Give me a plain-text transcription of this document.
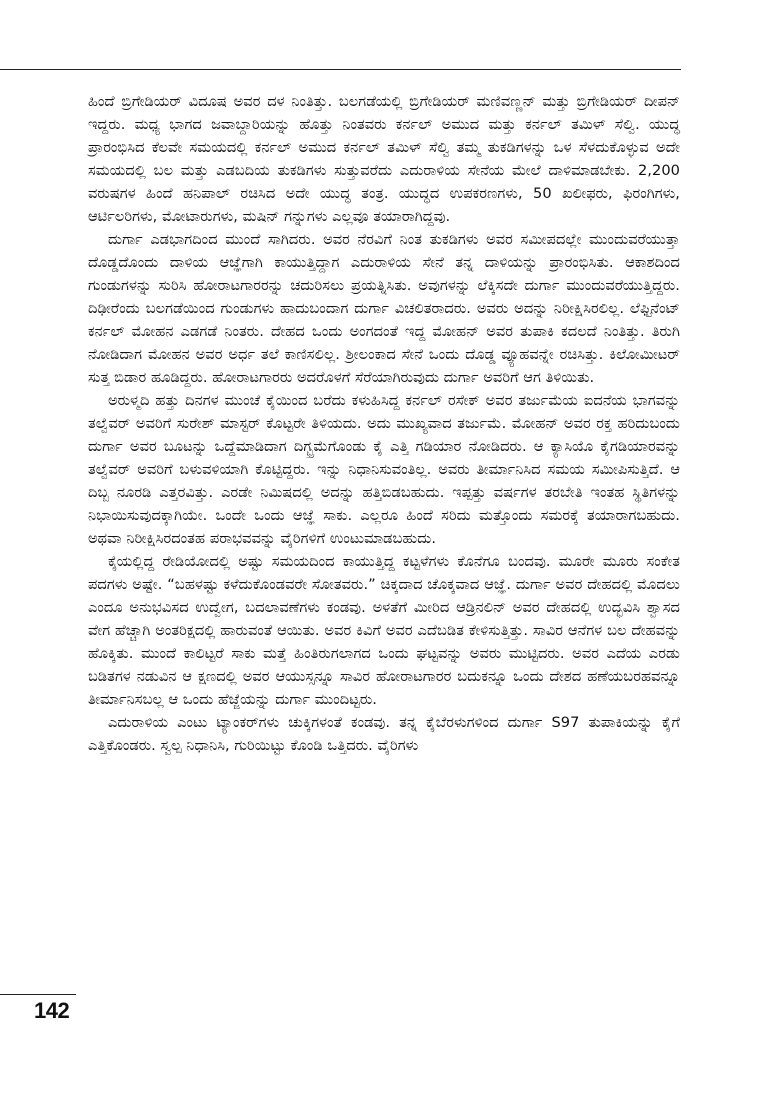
ಹಿಂದೆ ಬ್ರಿಗೇಡಿಯರ್ ವಿದೂಷ ಅವರ ದಳ ನಿಂತಿತ್ತು. ಬಲಗಡೆಯಲ್ಲಿ ಬ್ರಿಗೇಡಿಯರ್ ಮಣಿವಣ್ಣನ್ ಮತ್ತು ಬ್ರಿಗೇಡಿಯರ್ ದೀಪನ್ ಇದ್ದರು. ಮಧ್ಯ ಭಾಗದ ಜವಾಬ್ದಾರಿಯನ್ನು ಹೊತ್ತು ನಿಂತವರು ಕರ್ನಲ್ ಅಮುದ ಮತ್ತು ಕರ್ನಲ್ ತಮಿಳ್ ಸೆಲ್ವಿ. ಯುದ್ಧ ಪ್ರಾರಂಭಿಸಿದ ಕೆಲವೇ ಸಮಯದಲ್ಲಿ ಕರ್ನಲ್ ಅಮುದ ಕರ್ನಲ್ ತಮಿಳ್ ಸೆಲ್ವಿ ತಮ್ಮ ತುಕಡಿಗಳನ್ನು ಒಳ ಸೆಳದುಕೊಳ್ಳುವ ಅದೇ ಸಮಯದಲ್ಲಿ ಬಲ ಮತ್ತು ಎಡಬದಿಯ ತುಕಡಿಗಳು ಸುತ್ತುವರೆದು ಎದುರಾಳಿಯ ಸೇನೆಯ ಮೇಲೆ ದಾಳಿಮಾಡಬೇಕು. 2,200 ವರುಷಗಳ ಹಿಂದೆ ಹನಿಪಾಲ್ ರಚಿಸಿದ ಅದೇ ಯುದ್ಧ ತಂತ್ರ. ಯುದ್ಧದ ಉಪಕರಣಗಳು, 50 ಖಲೀಫರು, ಫಿರಂಗಿಗಳು, ಆರ್ಟಿಲರಿಗಳು, ಮೋಟಾರುಗಳು, ಮಷಿನ್ ಗನ್ನುಗಳು ಎಲ್ಲವೂ ತಯಾರಾಗಿದ್ದವು.

ದುರ್ಗಾ ಎಡಭಾಗದಿಂದ ಮುಂದೆ ಸಾಗಿದರು. ಅವರ ನೆರವಿಗೆ ನಿಂತ ತುಕಡಿಗಳು ಅವರ ಸಮೀಪದಲ್ಲೇ ಮುಂದುವರೆಯುತ್ತಾ ದೊಡ್ಡದೊಂದು ದಾಳಿಯ ಆಜ್ಞೆಗಾಗಿ ಕಾಯುತ್ತಿದ್ದಾಗ ಎದುರಾಳಿಯ ಸೇನೆ ತನ್ನ ದಾಳಿಯನ್ನು ಪ್ರಾರಂಭಿಸಿತು. ಆಕಾಶದಿಂದ ಗುಂಡುಗಳನ್ನು ಸುರಿಸಿ ಹೋರಾಟಗಾರರನ್ನು ಚದುರಿಸಲು ಪ್ರಯತ್ನಿಸಿತು. ಅವುಗಳನ್ನು ಲೆಕ್ಕಿಸದೇ ದುರ್ಗಾ ಮುಂದುವರೆಯುತ್ತಿದ್ದರು. ದಿಢೀರೆಂದು ಬಲಗಡೆಯಿಂದ ಗುಂಡುಗಳು ಹಾದುಬಂದಾಗ ದುರ್ಗಾ ವಿಚಲಿತರಾದರು. ಅವರು ಅದನ್ನು ನಿರೀಕ್ಷಿಸಿರಲಿಲ್ಲ. ಲೆಫ್ಟಿನೆಂಟ್ ಕರ್ನಲ್ ಮೋಹನ ಎಡಗಡೆ ನಿಂತರು. ದೇಹದ ಒಂದು ಅಂಗದಂತೆ ಇದ್ದ ಮೋಹನ್ ಅವರ ತುಪಾಕಿ ಕದಲದೆ ನಿಂತಿತ್ತು. ತಿರುಗಿ ನೋಡಿದಾಗ ಮೋಹನ ಅವರ ಅರ್ಧ ತಲೆ ಕಾಣಿಸಲಿಲ್ಲ. ಶ್ರೀಲಂಕಾದ ಸೇನೆ ಒಂದು ದೊಡ್ಡ ವ್ಯೂಹವನ್ನೇ ರಚಿಸಿತ್ತು. ಕಿಲೋಮೀಟರ್ ಸುತ್ತ ಬಿಡಾರ ಹೂಡಿದ್ದರು. ಹೋರಾಟಗಾರರು ಅದರೊಳಗೆ ಸೆರೆಯಾಗಿರುವುದು ದುರ್ಗಾ ಅವರಿಗೆ ಆಗ ತಿಳಿಯಿತು.

ಅರುಳ್ಮದಿ ಹತ್ತು ದಿನಗಳ ಮುಂಚೆ ಕೈಯಿಂದ ಬರೆದು ಕಳುಹಿಸಿದ್ದ ಕರ್ನಲ್ ರಸೇಕ್ ಅವರ ತರ್ಜುಮೆಯ ಐದನೆಯ ಭಾಗವನ್ನು ತಲ್ವೆವರ್ ಅವರಿಗೆ ಸುರೇಶ್ ಮಾಸ್ಟರ್ ಕೊಟ್ಟರೇ ತಿಳಿಯದು. ಅದು ಮುಖ್ಯವಾದ ತರ್ಜುಮೆ. ಮೋಹನ್ ಅವರ ರಕ್ತ ಹರಿದುಬಂದು ದುರ್ಗಾ ಅವರ ಬೂಟನ್ನು ಒದ್ದೆಮಾಡಿದಾಗ ದಿಗ್ಭ್ರಮೆಗೊಂಡು ಕೈ ಎತ್ತಿ ಗಡಿಯಾರ ನೋಡಿದರು. ಆ ಕ್ಯಾಸಿಯೊ ಕೈಗಡಿಯಾರವನ್ನು ತಲ್ವೆವರ್ ಅವರಿಗೆ ಬಳುವಳಿಯಾಗಿ ಕೊಟ್ಟಿದ್ದರು. ಇನ್ನು ನಿಧಾನಿಸುವಂತಿಲ್ಲ. ಅವರು ತೀರ್ಮಾನಿಸಿದ ಸಮಯ ಸಮೀಪಿಸುತ್ತಿದೆ. ಆ ದಿಬ್ಬ ನೂರಡಿ ಎತ್ತರವಿತ್ತು. ಎರಡೇ ನಿಮಿಷದಲ್ಲಿ ಅದನ್ನು ಹತ್ತಿಬಿಡಬಹುದು. ಇಪ್ಪತ್ತು ವರ್ಷಗಳ ತರಬೇತಿ ಇಂತಹ ಸ್ಥಿತಿಗಳನ್ನು ನಿಭಾಯಿಸುವುದಕ್ಕಾಗಿಯೇ. ಒಂದೇ ಒಂದು ಆಜ್ಞೆ ಸಾಕು. ಎಲ್ಲರೂ ಹಿಂದೆ ಸರಿದು ಮತ್ತೊಂದು ಸಮರಕ್ಕೆ ತಯಾರಾಗಬಹುದು. ಅಥವಾ ನಿರೀಕ್ಷಿಸಿರದಂತಹ ಪರಾಭವವನ್ನು ವೈರಿಗಳಿಗೆ ಉಂಟುಮಾಡಬಹುದು.

ಕೈಯಲ್ಲಿದ್ದ ರೇಡಿಯೋದಲ್ಲಿ ಅಷ್ಟು ಸಮಯದಿಂದ ಕಾಯುತ್ತಿದ್ದ ಕಟ್ಟಳೆಗಳು ಕೊನೆಗೂ ಬಂದವು. ಮೂರೇ ಮೂರು ಸಂಕೇತ ಪದಗಳು ಅಷ್ಟೇ. “ಬಹಳಷ್ಟು ಕಳೆದುಕೊಂಡವರೇ ಸೋತವರು.” ಚಿಕ್ಕದಾದ ಚೊಕ್ಕವಾದ ಆಜ್ಞೆ. ದುರ್ಗಾ ಅವರ ದೇಹದಲ್ಲಿ ಮೊದಲು ಎಂದೂ ಅನುಭವಿಸದ ಉದ್ವೇಗ, ಬದಲಾವಣೆಗಳು ಕಂಡವು. ಅಳತೆಗೆ ಮೀರಿದ ಆಡ್ರಿನಲಿನ್ ಅವರ ದೇಹದಲ್ಲಿ ಉದ್ಭವಿಸಿ ಶ್ವಾಸದ ವೇಗ ಹೆಚ್ಚಾಗಿ ಅಂತರಿಕ್ಷದಲ್ಲಿ ಹಾರುವಂತೆ ಆಯಿತು. ಅವರ ಕಿವಿಗೆ ಅವರ ಎದೆಬಡಿತ ಕೇಳಿಸುತ್ತಿತ್ತು. ಸಾವಿರ ಆನೆಗಳ ಬಲ ದೇಹವನ್ನು ಹೊಕ್ಕಿತು. ಮುಂದೆ ಕಾಲಿಟ್ಟರೆ ಸಾಕು ಮತ್ತೆ ಹಿಂತಿರುಗಲಾಗದ ಒಂದು ಘಟ್ಟವನ್ನು ಅವರು ಮುಟ್ಟಿದರು. ಅವರ ಎದೆಯ ಎರಡು ಬಡಿತಗಳ ನಡುವಿನ ಆ ಕ್ಷಣದಲ್ಲಿ ಅವರ ಆಯುಸ್ಸನ್ನೂ ಸಾವಿರ ಹೋರಾಟಗಾರರ ಬದುಕನ್ನೂ ಒಂದು ದೇಶದ ಹಣೆಯಬರಹವನ್ನೂ ತೀರ್ಮಾನಿಸಬಲ್ಲ ಆ ಒಂದು ಹೆಜ್ಜೆಯನ್ನು ದುರ್ಗಾ ಮುಂದಿಟ್ಟರು.

ಎದುರಾಳಿಯ ಎಂಟು ಟ್ಯಾಂಕರ್‌ಗಳು ಚುಕ್ಕಿಗಳಂತೆ ಕಂಡವು. ತನ್ನ ಕೈಬೆರಳುಗಳಿಂದ ದುರ್ಗಾ S97 ತುಪಾಕಿಯನ್ನು ಕೈಗೆ ಎತ್ತಿಕೊಂಡರು. ಸ್ವಲ್ಪ ನಿಧಾನಿಸಿ, ಗುರಿಯಿಟ್ಟು ಕೊಂಡಿ ಒತ್ತಿದರು. ವೈರಿಗಳು

142
